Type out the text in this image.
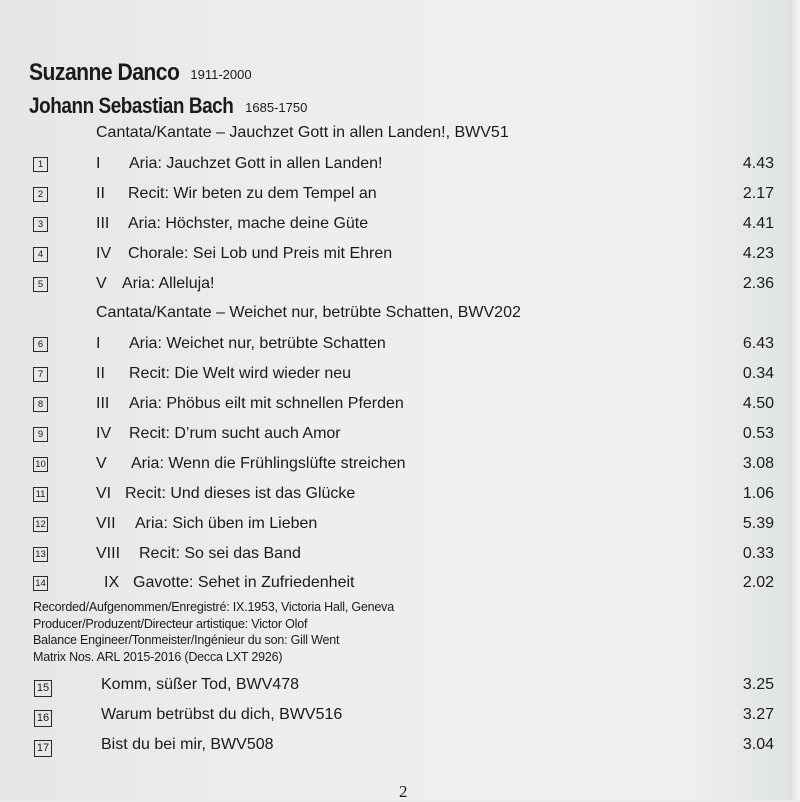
Suzanne Danco 1911-2000
Johann Sebastian Bach 1685-1750
Cantata/Kantate – Jauchzet Gott in allen Landen!, BWV51
1	I Aria: Jauchzet Gott in allen Landen!	4.43
2	II Recit: Wir beten zu dem Tempel an	2.17
3	III Aria: Höchster, mache deine Güte	4.41
4	IV Chorale: Sei Lob und Preis mit Ehren	4.23
5	V Aria: Alleluja!	2.36
Cantata/Kantate – Weichet nur, betrübte Schatten, BWV202
6	I Aria: Weichet nur, betrübte Schatten	6.43
7	II Recit: Die Welt wird wieder neu	0.34
8	III Aria: Phöbus eilt mit schnellen Pferden	4.50
9	IV Recit: D’rum sucht auch Amor	0.53
10	V Aria: Wenn die Frühlingslüfte streichen	3.08
11	VI Recit: Und dieses ist das Glücke	1.06
12	VII Aria: Sich üben im Lieben	5.39
13	VIII Recit: So sei das Band	0.33
14	IX Gavotte: Sehet in Zufriedenheit	2.02
Recorded/Aufgenommen/Enregistré: IX.1953, Victoria Hall, Geneva
Producer/Produzent/Directeur artistique: Victor Olof
Balance Engineer/Tonmeister/Ingénieur du son: Gill Went
Matrix Nos. ARL 2015-2016 (Decca LXT 2926)
15	Komm, süßer Tod, BWV478	3.25
16	Warum betrübst du dich, BWV516	3.27
17	Bist du bei mir, BWV508	3.04
2
